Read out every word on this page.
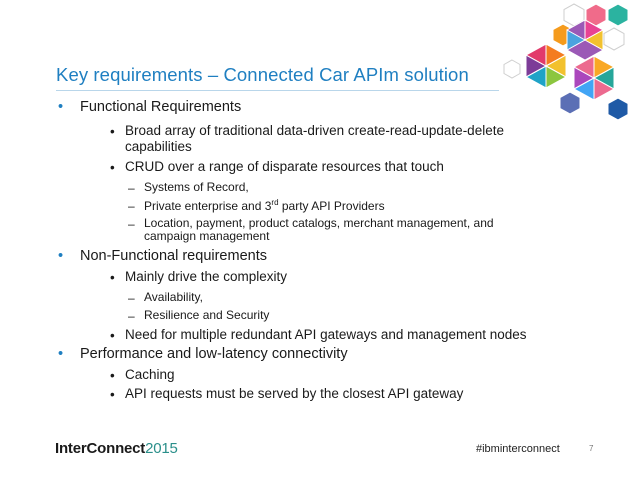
Key requirements – Connected Car APIm solution
• Functional Requirements
• Broad array of traditional data-driven create-read-update-delete
capabilities
• CRUD over a range of disparate resources that touch
– Systems of Record,
– Private enterprise and 3rd party API Providers
– Location, payment, product catalogs, merchant management, and
campaign management
• Non-Functional requirements
• Mainly drive the complexity
– Availability,
– Resilience and Security
• Need for multiple redundant API gateways and management nodes
• Performance and low-latency connectivity
• Caching
• API requests must be served by the closest API gateway
InterConnect2015	#ibminterconnect	7
